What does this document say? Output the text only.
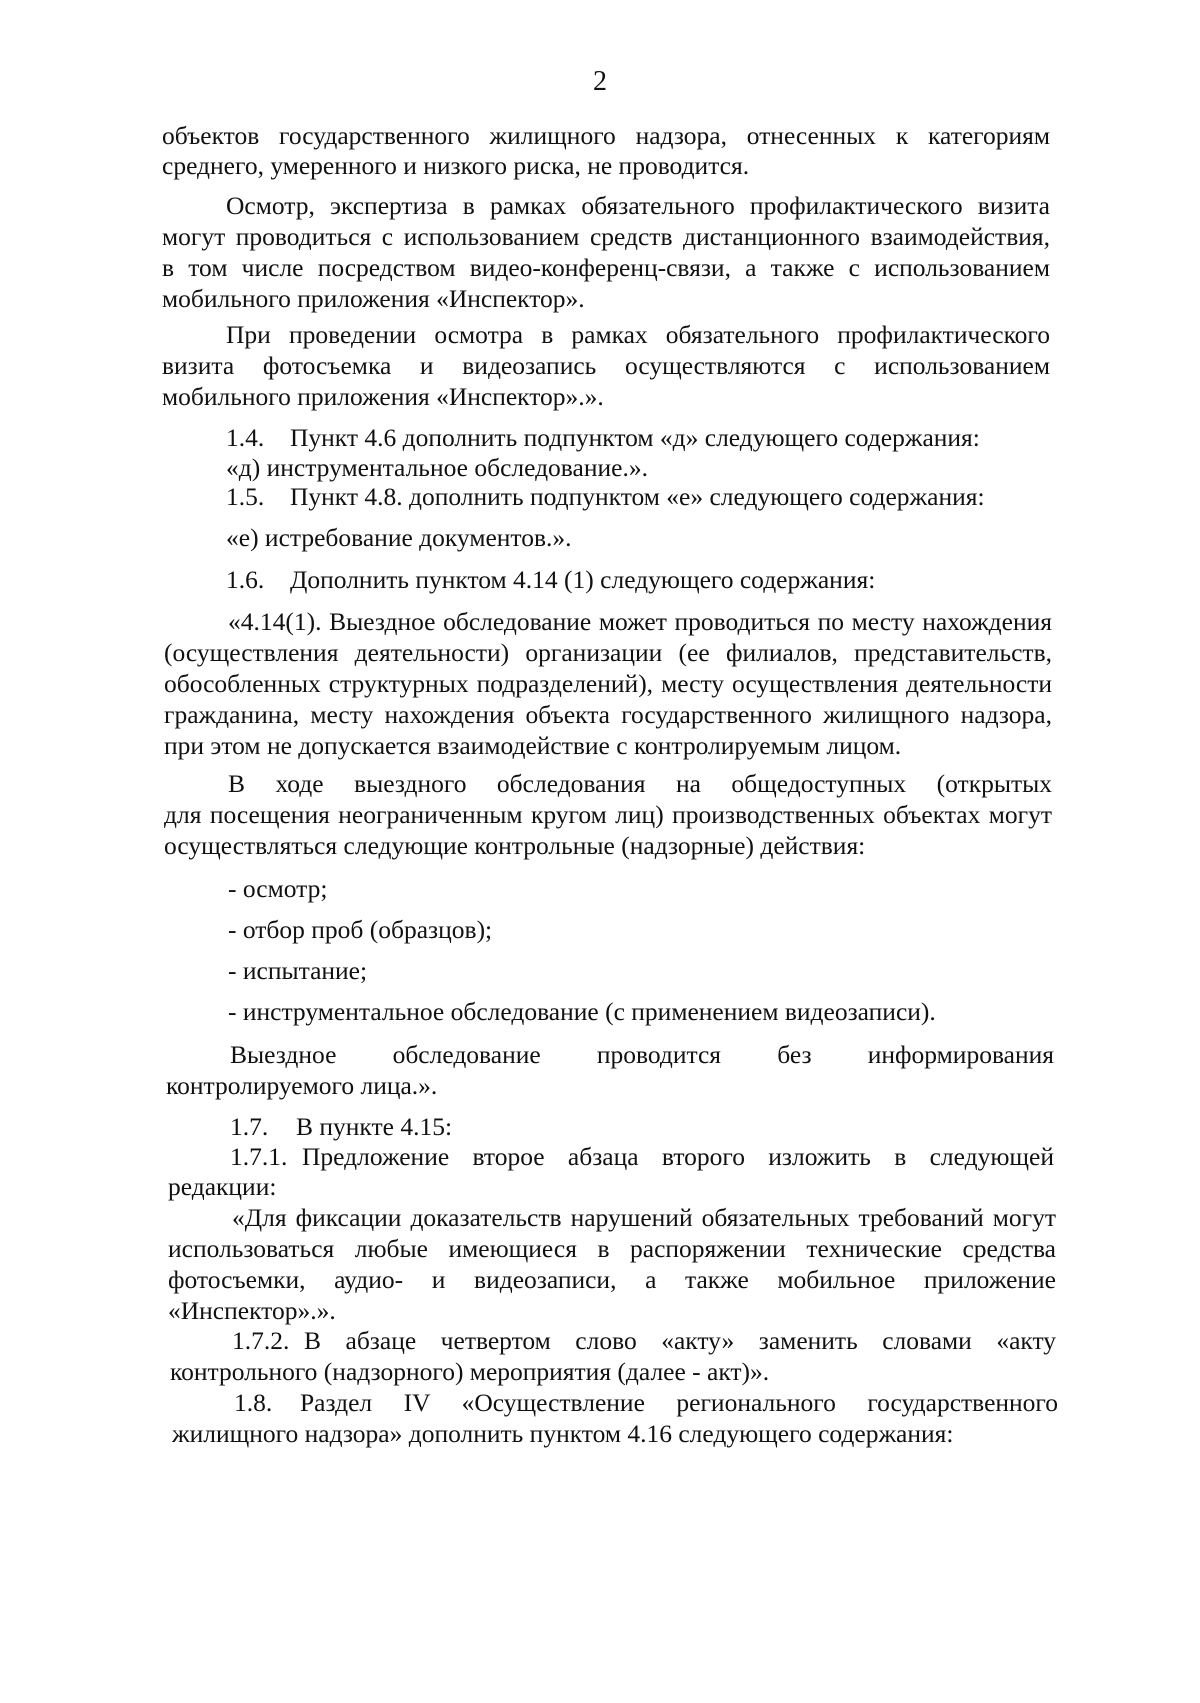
2
объектов государственного жилищного надзора, отнесенных к категориям
среднего, умеренного и низкого риска, не проводится.
Осмотр, экспертиза в рамках обязательного профилактического визита
могут проводиться с использованием средств дистанционного взаимодействия,
в том числе посредством видео-конференц-связи, а также с использованием
мобильного приложения «Инспектор».
При проведении осмотра в рамках обязательного профилактического
визита фотосъемка и видеозапись осуществляются с использованием
мобильного приложения «Инспектор».».
1.4. Пункт 4.6 дополнить подпунктом «д» следующего содержания:
«д) инструментальное обследование.».
1.5. Пункт 4.8. дополнить подпунктом «е» следующего содержания:
«е) истребование документов.».
1.6. Дополнить пунктом 4.14 (1) следующего содержания:
«4.14(1). Выездное обследование может проводиться по месту нахождения
(осуществления деятельности) организации (ее филиалов, представительств,
обособленных структурных подразделений), месту осуществления деятельности
гражданина, месту нахождения объекта государственного жилищного надзора,
при этом не допускается взаимодействие с контролируемым лицом.
В ходе выездного обследования на общедоступных (открытых
для посещения неограниченным кругом лиц) производственных объектах могут
осуществляться следующие контрольные (надзорные) действия:
- осмотр;
- отбор проб (образцов);
- испытание;
- инструментальное обследование (с применением видеозаписи).
Выездное обследование проводится без информирования
контролируемого лица.».
1.7. В пункте 4.15:
1.7.1. Предложение второе абзаца второго изложить в следующей
редакции:
«Для фиксации доказательств нарушений обязательных требований могут
использоваться любые имеющиеся в распоряжении технические средства
фотосъемки, аудио- и видеозаписи, а также мобильное приложение
«Инспектор».».
1.7.2. В абзаце четвертом слово «акту» заменить словами «акту
контрольного (надзорного) мероприятия (далее - акт)».
1.8. Раздел IV «Осуществление регионального государственного
жилищного надзора» дополнить пунктом 4.16 следующего содержания:
